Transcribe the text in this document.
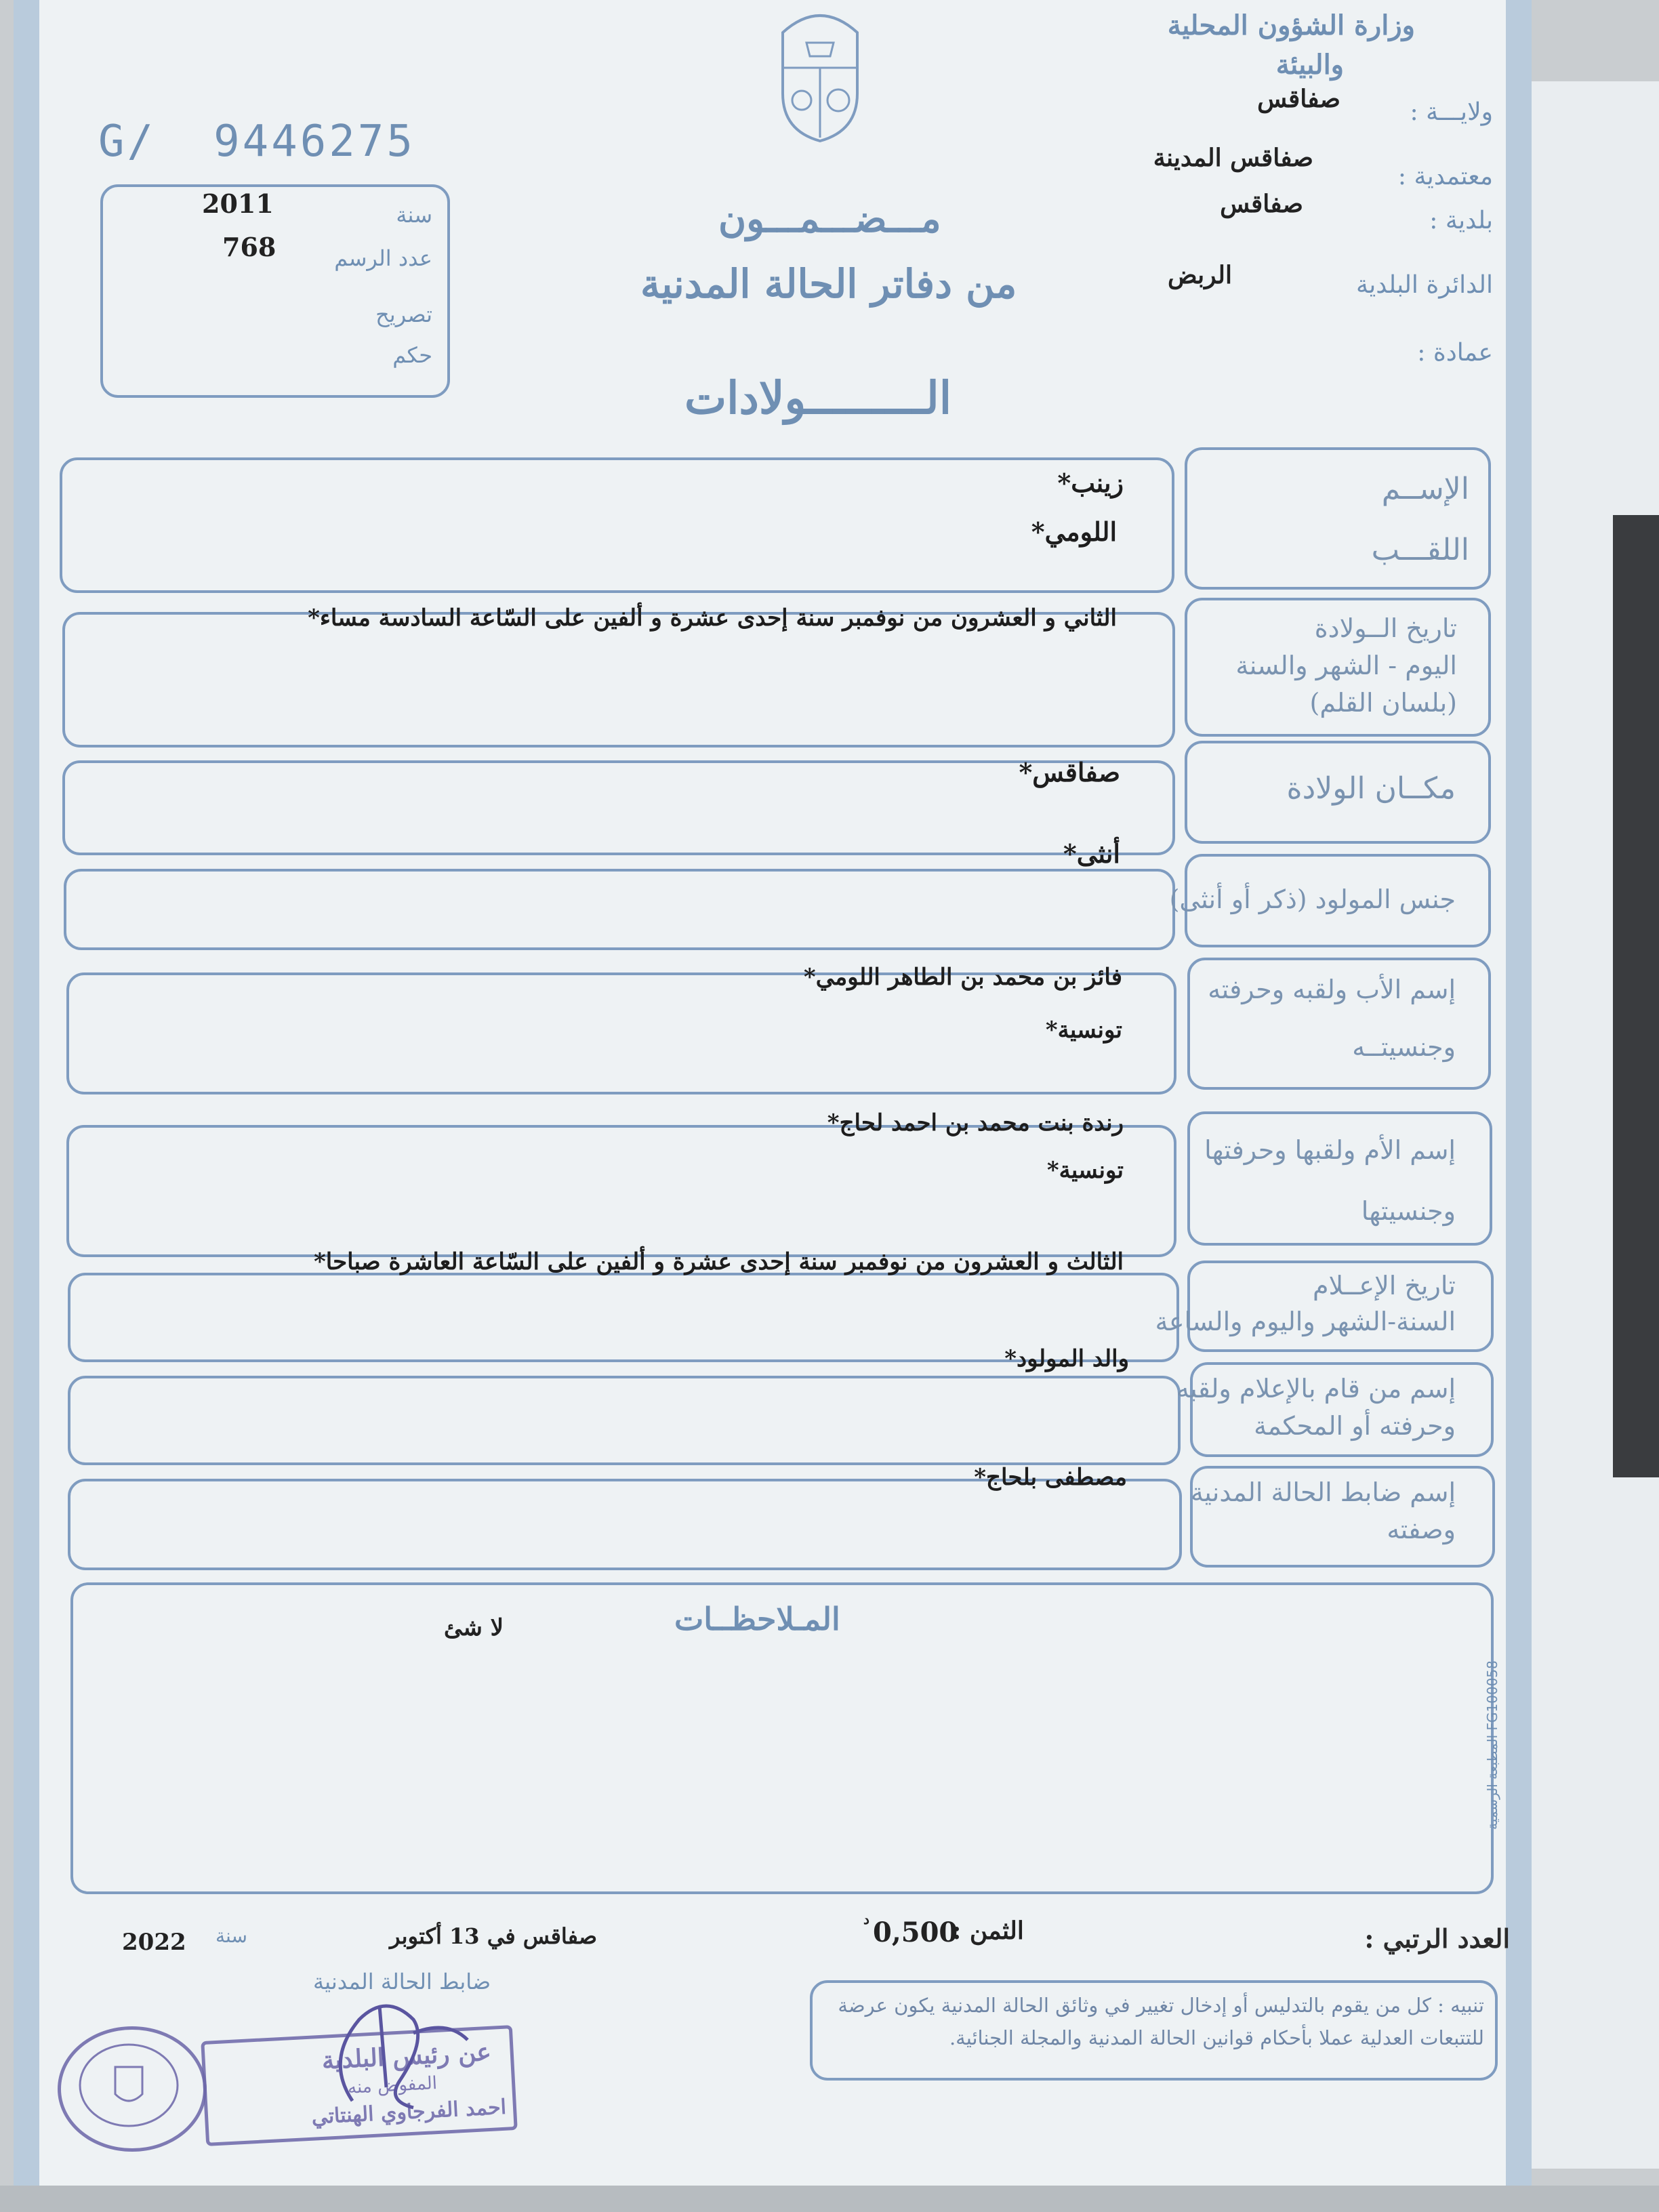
وزارة الشؤون المحلية
والبيئة
ولايـــة :
صفاقس
معتمدية :
صفاقس المدينة
بلدية :
صفاقس
الدائرة البلدية
الربض
عمادة :
G/  9446275
سنة
2011
عدد الرسم
768
تصريح
حكم
مـــضـــمـــون
من دفاتر الحالة المدنية
الـــــــــولادات
الإســم
اللقـــب
زينب*
اللومي*
تاريخ الــولادة
اليوم - الشهر والسنة
(بلسان القلم)
الثاني و العشرون من نوفمبر سنة إحدى عشرة و ألفين على السّاعة السادسة مساء*
مكــان الولادة
صفاقس*
جنس المولود (ذكر أو أنثى)
أنثى*
إسم الأب ولقبه وحرفته
وجنسيتــه
فائز بن محمد بن الطاهر اللومي*
تونسية*
إسم الأم ولقبها وحرفتها
وجنسيتها
رندة بنت محمد بن احمد لحاج*
تونسية*
تاريخ الإعــلام
السنة-الشهر واليوم والساعة
الثالث و العشرون من نوفمبر سنة إحدى عشرة و ألفين على السّاعة العاشرة صباحا*
إسم من قام بالإعلام ولقبه
وحرفته أو المحكمة
والد المولود*
إسم ضابط الحالة المدنية
وصفته
مصطفى بلحاج*
المـلاحظــات
لا شئ
المطبعة الرسمية FG100058
العدد الرتبي :
الثمن :
0,500
د
صفاقس في 13 أكتوبر
سنة
2022
ضابط الحالة المدنية
تنبيه : كل من يقوم بالتدليس أو إدخال تغيير في وثائق الحالة المدنية يكون عرضة للتتبعات العدلية عملا بأحكام قوانين الحالة المدنية والمجلة الجنائية.
عن رئيس البلدية
المفوض منه
احمد الفرجاوي الهنتاتي
